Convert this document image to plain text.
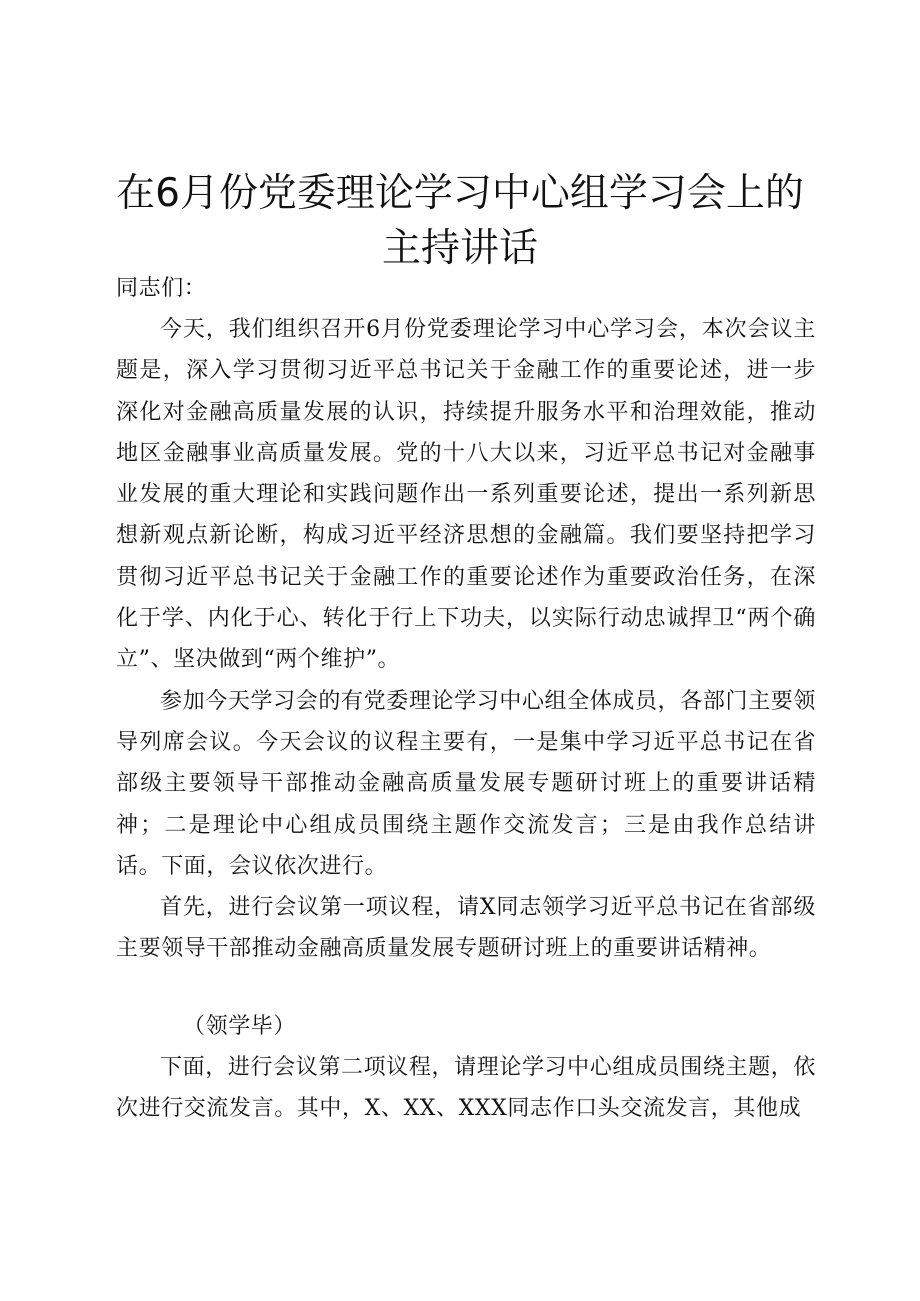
在6月份党委理论学习中心组学习会上的主持讲话
同志们：

今天，我们组织召开6月份党委理论学习中心学习会，本次会议主题是，深入学习贯彻习近平总书记关于金融工作的重要论述，进一步深化对金融高质量发展的认识，持续提升服务水平和治理效能，推动地区金融事业高质量发展。党的十八大以来，习近平总书记对金融事业发展的重大理论和实践问题作出一系列重要论述，提出一系列新思想新观点新论断，构成习近平经济思想的金融篇。我们要坚持把学习贯彻习近平总书记关于金融工作的重要论述作为重要政治任务，在深化于学、内化于心、转化于行上下功夫，以实际行动忠诚捍卫“两个确立”、坚决做到“两个维护”。

参加今天学习会的有党委理论学习中心组全体成员，各部门主要领导列席会议。今天会议的议程主要有，一是集中学习近平总书记在省部级主要领导干部推动金融高质量发展专题研讨班上的重要讲话精神；二是理论中心组成员围绕主题作交流发言；三是由我作总结讲话。下面，会议依次进行。

首先，进行会议第一项议程，请X同志领学习近平总书记在省部级主要领导干部推动金融高质量发展专题研讨班上的重要讲话精神。

（领学毕）

下面，进行会议第二项议程，请理论学习中心组成员围绕主题，依次进行交流发言。其中，X、XX、XXX同志作口头交流发言，其他成
